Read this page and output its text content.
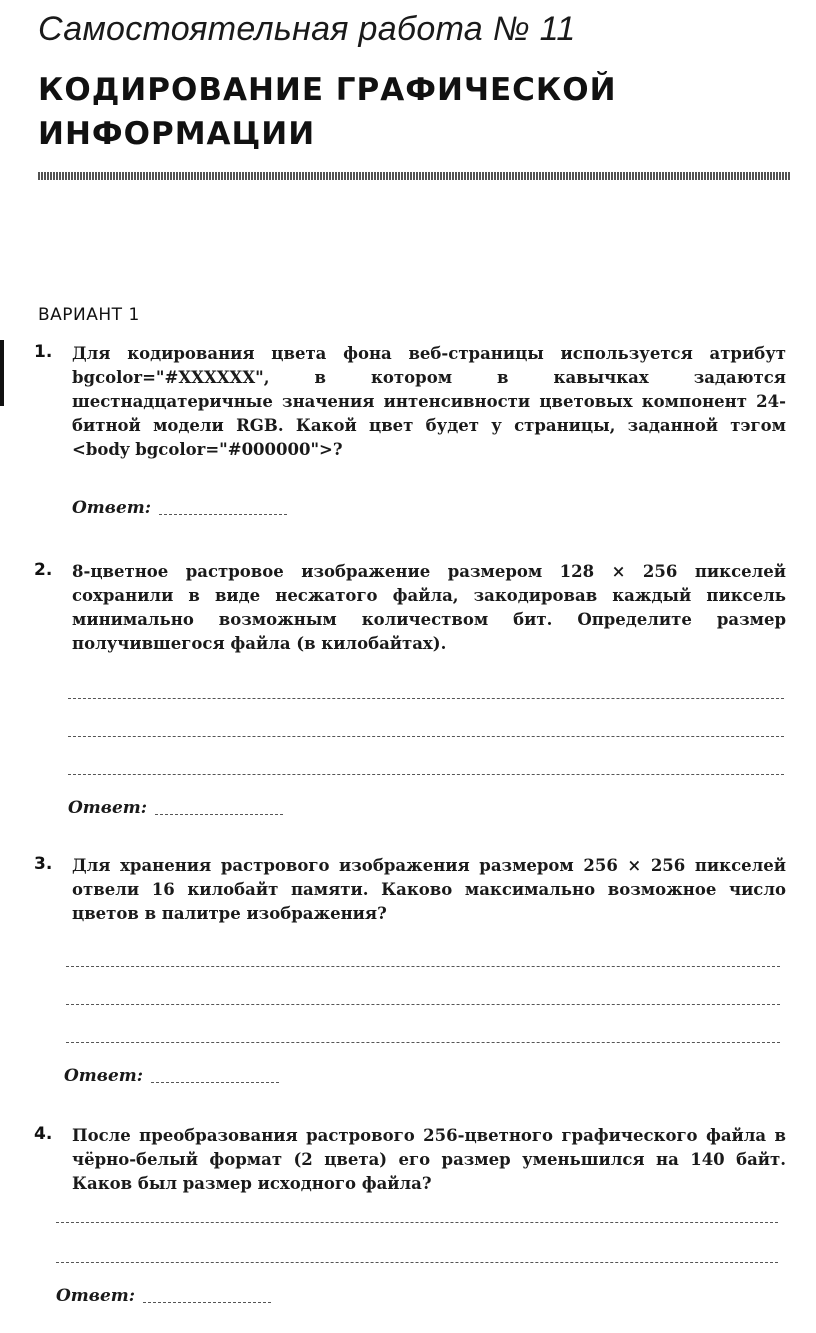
Самостоятельная работа № 11
КОДИРОВАНИЕ ГРАФИЧЕСКОЙ
ИНФОРМАЦИИ
ВАРИАНТ 1
1. Для кодирования цвета фона веб-страницы используется атрибут bgcolor="#XXXXXX", в котором в кавычках задаются шестнадцатеричные значения интенсивности цветовых компонент 24-битной модели RGB. Какой цвет будет у страницы, заданной тэгом <body bgcolor="#000000">?
Ответ:
2. 8-цветное растровое изображение размером 128 × 256 пикселей сохранили в виде несжатого файла, закодировав каждый пиксель минимально возможным количеством бит. Определите размер получившегося файла (в килобайтах).
Ответ:
3. Для хранения растрового изображения размером 256 × 256 пикселей отвели 16 килобайт памяти. Каково максимально возможное число цветов в палитре изображения?
Ответ:
4. После преобразования растрового 256-цветного графического файла в чёрно-белый формат (2 цвета) его размер уменьшился на 140 байт. Каков был размер исходного файла?
Ответ:
